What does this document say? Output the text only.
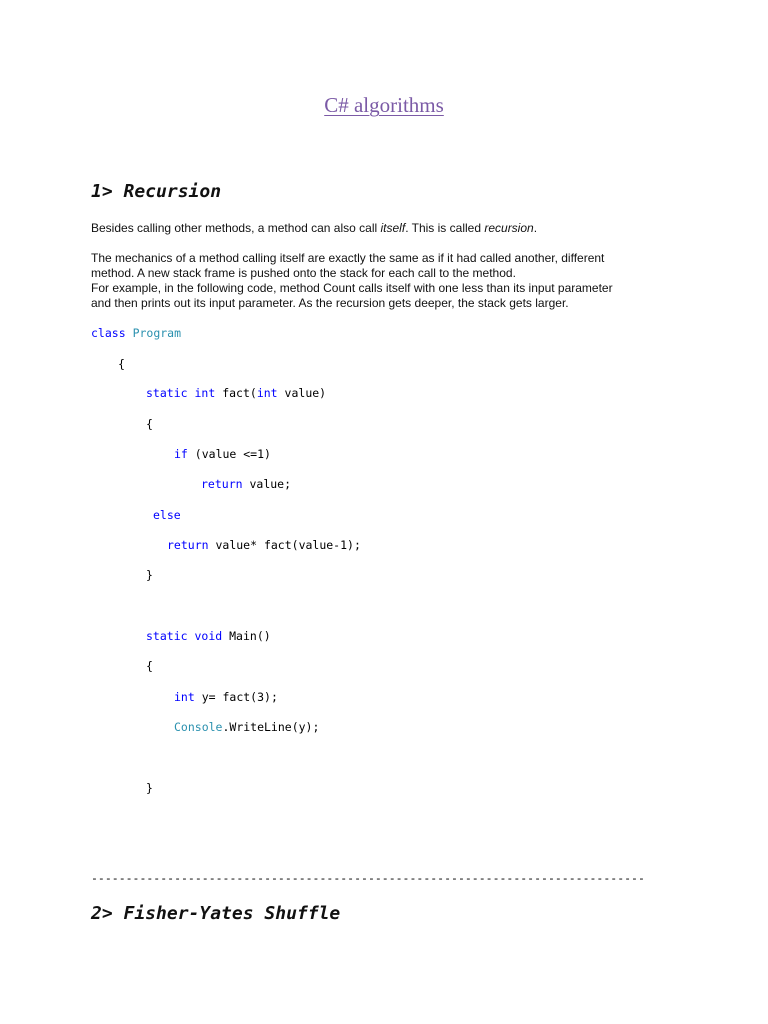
C# algorithms
1> Recursion

Besides calling other methods, a method can also call itself. This is called recursion.

The mechanics of a method calling itself are exactly the same as if it had called another, different
method. A new stack frame is pushed onto the stack for each call to the method.
For example, in the following code, method Count calls itself with one less than its input parameter
and then prints out its input parameter. As the recursion gets deeper, the stack gets larger.

class Program
{
static int fact(int value)
{
if (value <=1)
return value;
else
return value* fact(value-1);
}
static void Main()
{
int y= fact(3);
Console.WriteLine(y);
}
--------------------------------------------------------------------------------
2> Fisher-Yates Shuffle
